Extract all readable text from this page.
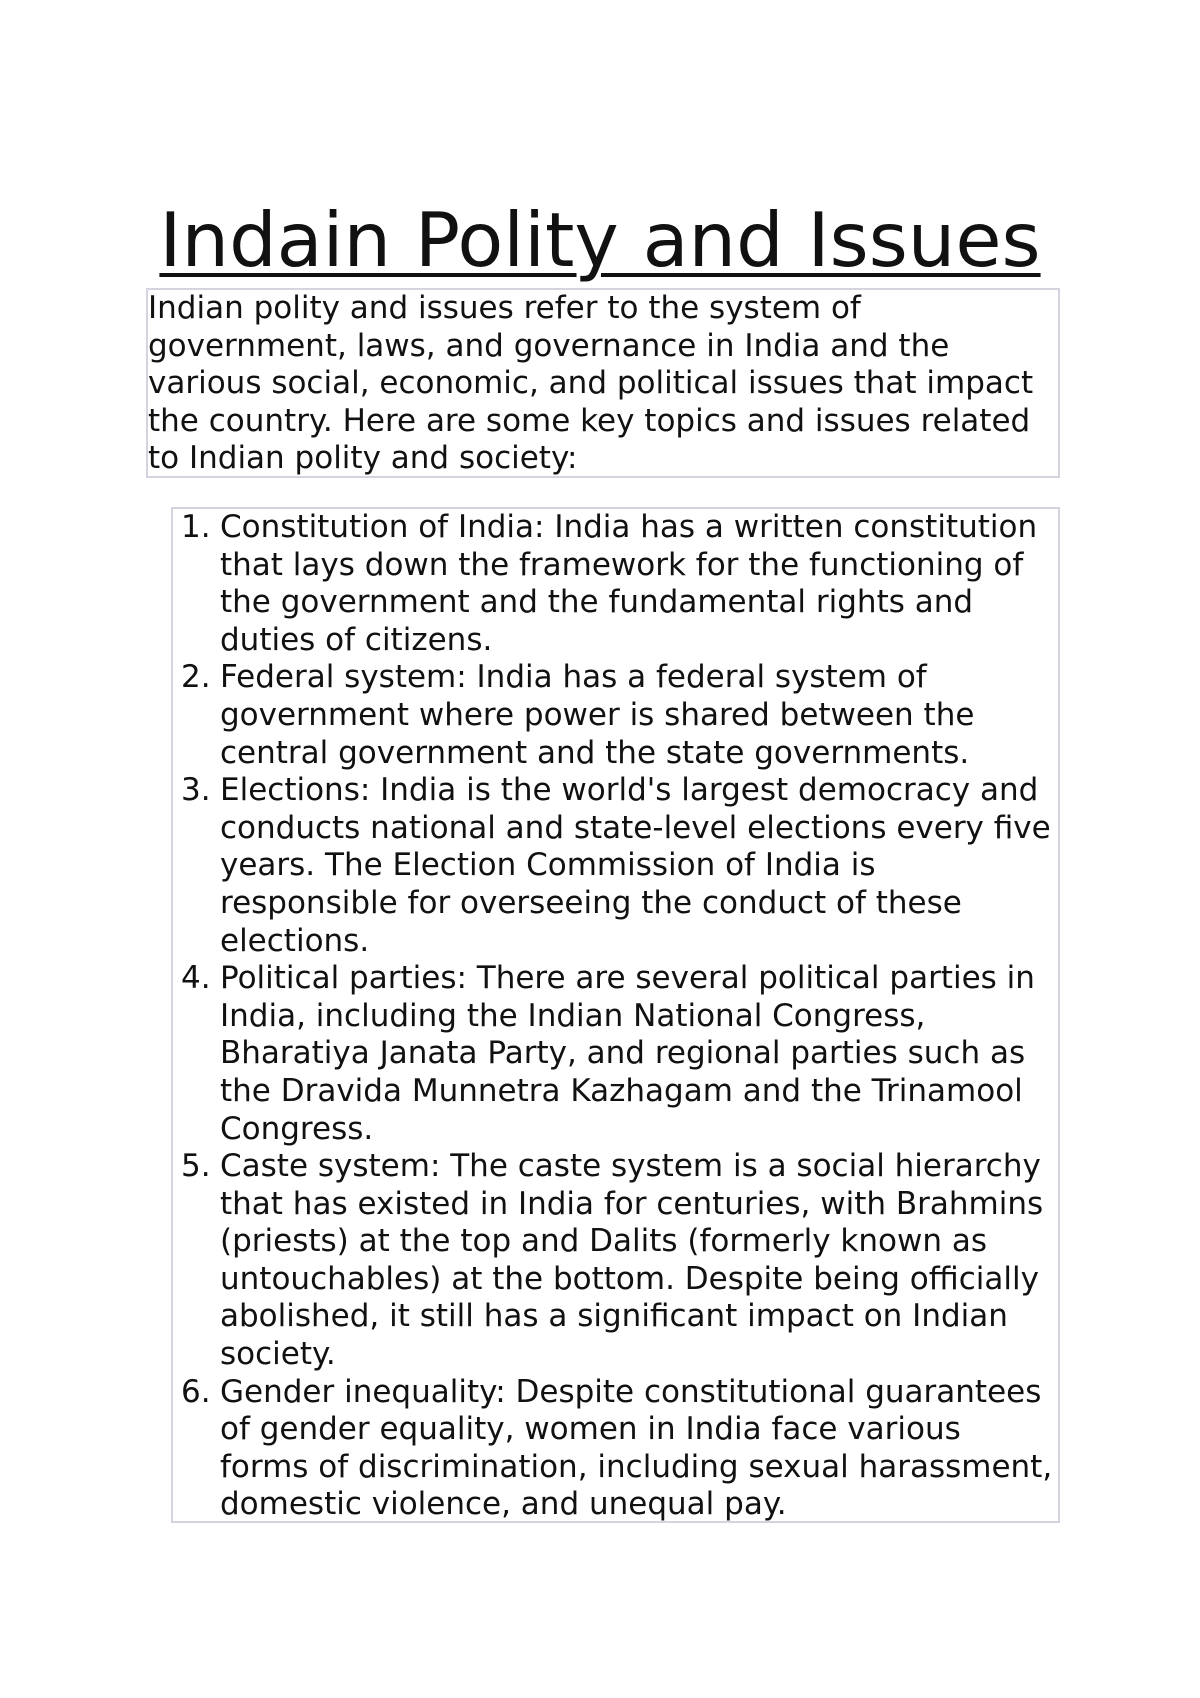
Indain Polity and Issues
Indian polity and issues refer to the system of government, laws, and governance in India and the various social, economic, and political issues that impact the country. Here are some key topics and issues related to Indian polity and society:
1. Constitution of India: India has a written constitution that lays down the framework for the functioning of the government and the fundamental rights and duties of citizens.
2. Federal system: India has a federal system of government where power is shared between the central government and the state governments.
3. Elections: India is the world's largest democracy and conducts national and state-level elections every five years. The Election Commission of India is responsible for overseeing the conduct of these elections.
4. Political parties: There are several political parties in India, including the Indian National Congress, Bharatiya Janata Party, and regional parties such as the Dravida Munnetra Kazhagam and the Trinamool Congress.
5. Caste system: The caste system is a social hierarchy that has existed in India for centuries, with Brahmins (priests) at the top and Dalits (formerly known as untouchables) at the bottom. Despite being officially abolished, it still has a significant impact on Indian society.
6. Gender inequality: Despite constitutional guarantees of gender equality, women in India face various forms of discrimination, including sexual harassment, domestic violence, and unequal pay.
